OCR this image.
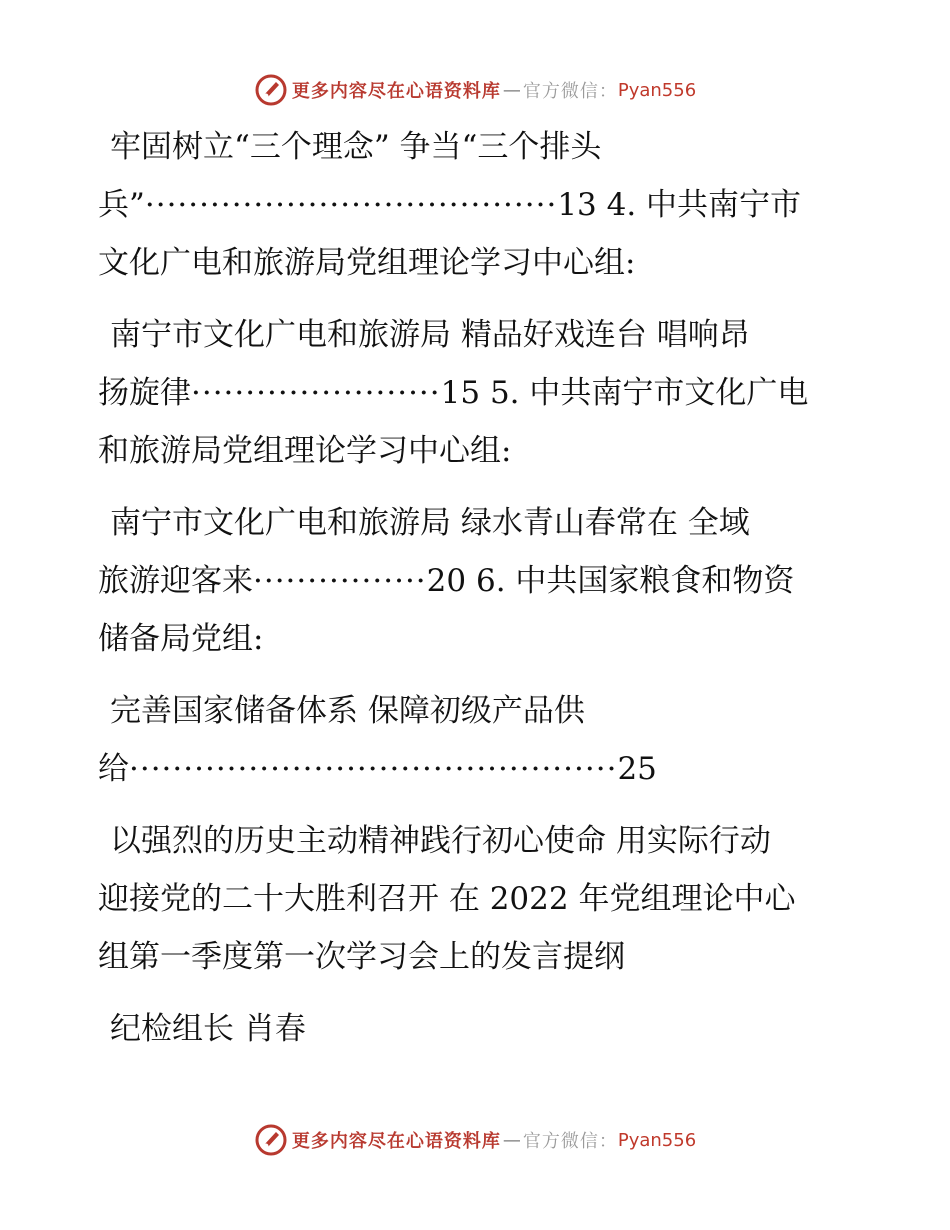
更多内容尽在心语资料库 — 官方微信： Pyan556

牢固树立“三个理念” 争当“三个排头

兵”······································13 4. 中共南宁市

文化广电和旅游局党组理论学习中心组:

南宁市文化广电和旅游局 精品好戏连台 唱响昂

扬旋律·······················15 5. 中共南宁市文化广电

和旅游局党组理论学习中心组:

南宁市文化广电和旅游局 绿水青山春常在 全域

旅游迎客来················20 6. 中共国家粮食和物资

储备局党组:

完善国家储备体系 保障初级产品供

给·············································25

以强烈的历史主动精神践行初心使命 用实际行动

迎接党的二十大胜利召开 在 2022 年党组理论中心

组第一季度第一次学习会上的发言提纲

纪检组长 肖春

更多内容尽在心语资料库 — 官方微信： Pyan556
